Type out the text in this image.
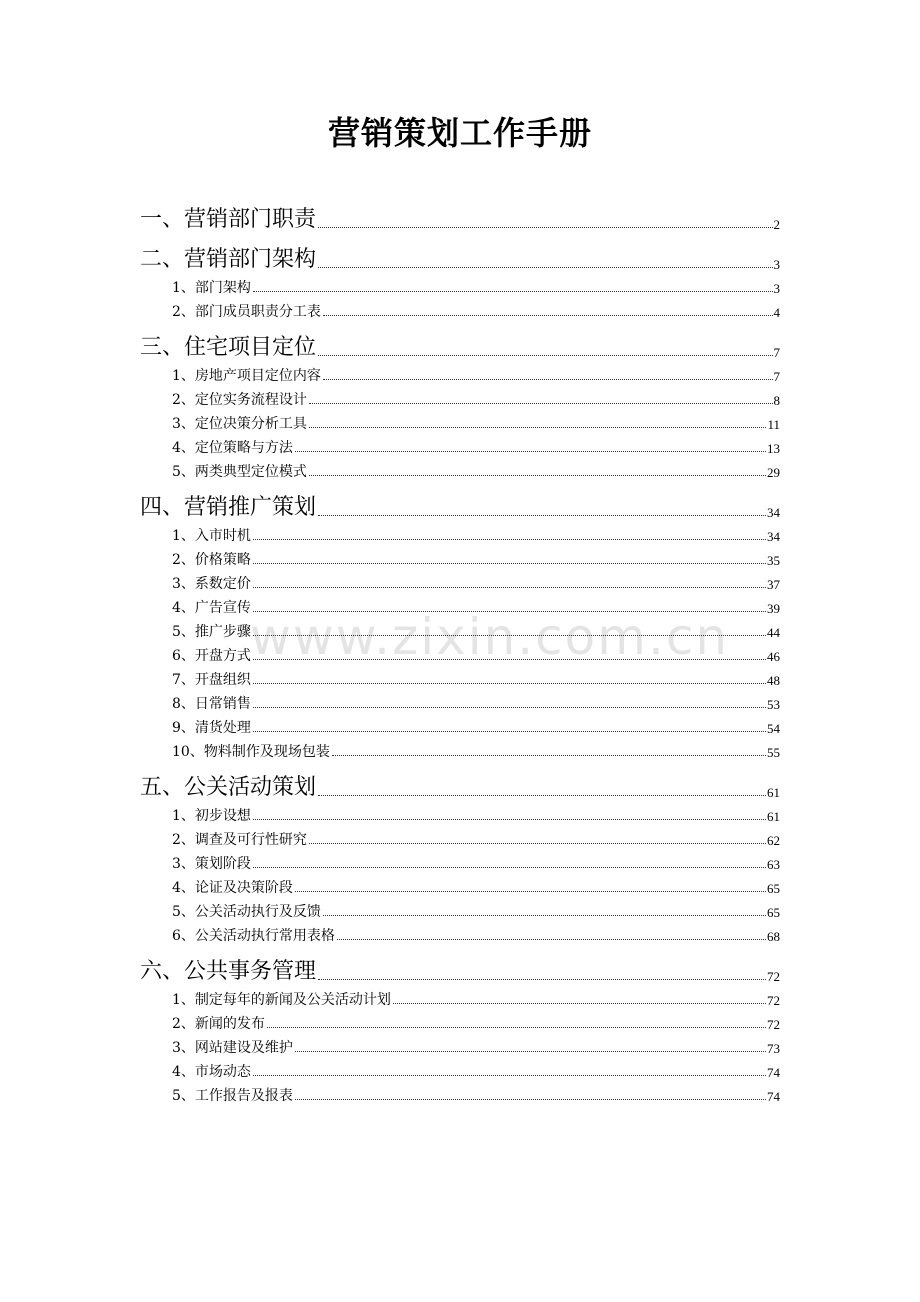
营销策划工作手册
www.zixin.com.cn
一、营销部门职责	2
二、营销部门架构	3
1、部门架构	3
2、部门成员职责分工表	4
三、住宅项目定位	7
1、房地产项目定位内容	7
2、定位实务流程设计	8
3、定位决策分析工具	11
4、定位策略与方法	13
5、两类典型定位模式	29
四、营销推广策划	34
1、入市时机	34
2、价格策略	35
3、系数定价	37
4、广告宣传	39
5、推广步骤	44
6、开盘方式	46
7、开盘组织	48
8、日常销售	53
9、清货处理	54
10、物料制作及现场包装	55
五、公关活动策划	61
1、初步设想	61
2、调查及可行性研究	62
3、策划阶段	63
4、论证及决策阶段	65
5、公关活动执行及反馈	65
6、公关活动执行常用表格	68
六、公共事务管理	72
1、制定每年的新闻及公关活动计划	72
2、新闻的发布	72
3、网站建设及维护	73
4、市场动态	74
5、工作报告及报表	74
